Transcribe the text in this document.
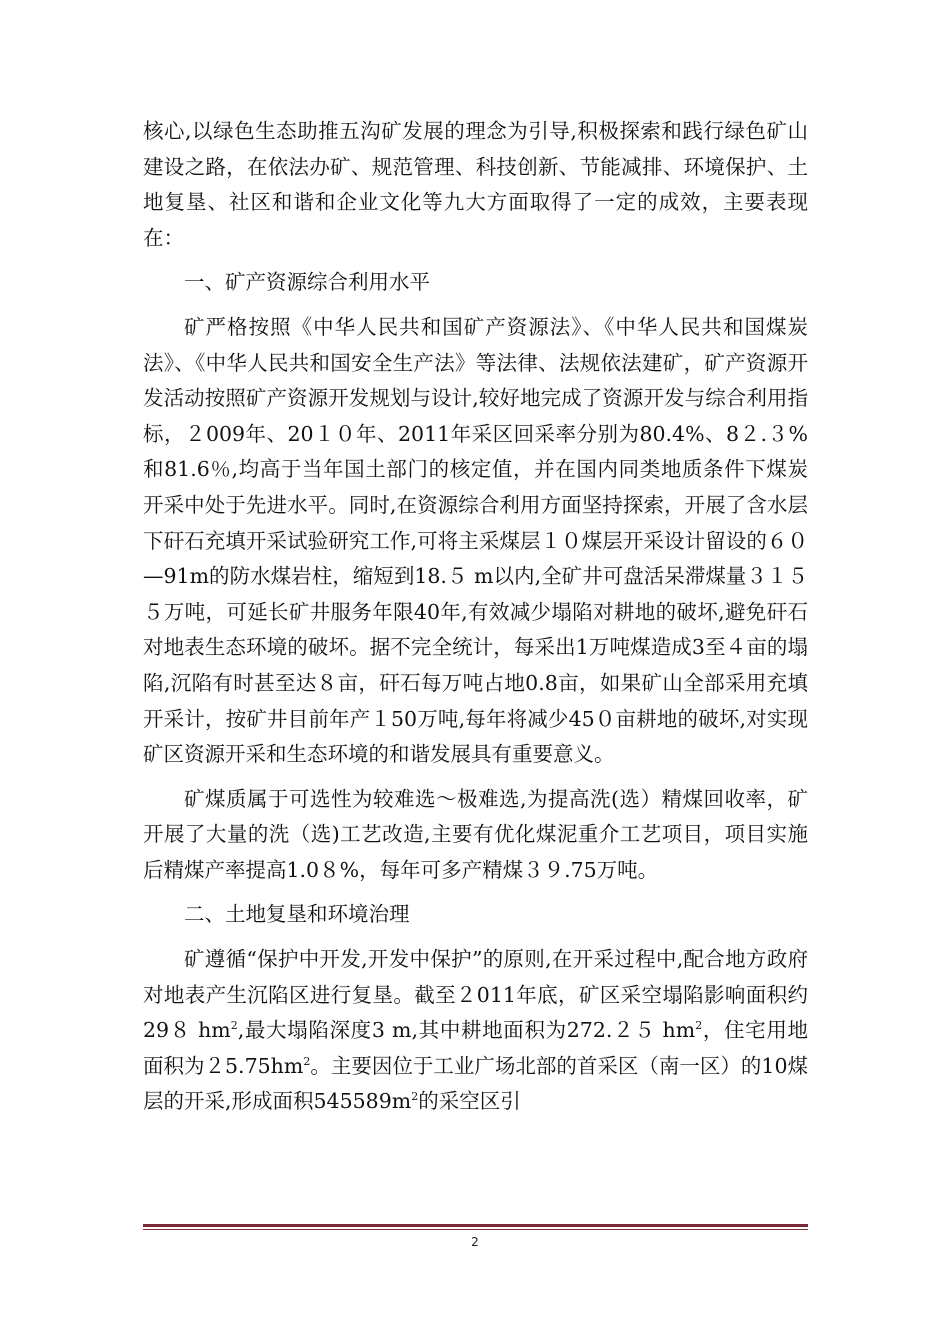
核心,以绿色生态助推五沟矿发展的理念为引导,积极探索和践行绿色矿山建设之路，在依法办矿、规范管理、科技创新、节能减排、环境保护、土地复垦、社区和谐和企业文化等九大方面取得了一定的成效，主要表现在：

一、矿产资源综合利用水平

矿严格按照《中华人民共和国矿产资源法》、《中华人民共和国煤炭法》、《中华人民共和国安全生产法》等法律、法规依法建矿，矿产资源开发活动按照矿产资源开发规划与设计,较好地完成了资源开发与综合利用指标，２009年、20１０年、2011年采区回采率分别为80.4%、8２.３%和81.6％,均高于当年国土部门的核定值，并在国内同类地质条件下煤炭开采中处于先进水平。同时,在资源综合利用方面坚持探索，开展了含水层下矸石充填开采试验研究工作,可将主采煤层１０煤层开采设计留设的６０—91m的防水煤岩柱，缩短到18.５ m以内,全矿井可盘活呆滞煤量３１５５万吨，可延长矿井服务年限40年,有效减少塌陷对耕地的破坏,避免矸石对地表生态环境的破坏。据不完全统计，每采出1万吨煤造成3至４亩的塌陷,沉陷有时甚至达８亩，矸石每万吨占地0.8亩，如果矿山全部采用充填开采计，按矿井目前年产１50万吨,每年将减少45０亩耕地的破坏,对实现矿区资源开采和生态环境的和谐发展具有重要意义。

矿煤质属于可选性为较难选～极难选,为提高洗(选）精煤回收率，矿开展了大量的洗（选)工艺改造,主要有优化煤泥重介工艺项目，项目实施后精煤产率提高1.0８%，每年可多产精煤３９.75万吨。

二、土地复垦和环境治理

矿遵循“保护中开发,开发中保护”的原则,在开采过程中,配合地方政府对地表产生沉陷区进行复垦。截至２011年底，矿区采空塌陷影响面积约29８ $hm^2$,最大塌陷深度3 m,其中耕地面积为272.２５ $hm^2$，住宅用地面积为$25.75hm^2$。主要因位于工业广场北部的首采区（南一区）的10煤层的开采,形成面积$545589m^2$的采空区引

2
